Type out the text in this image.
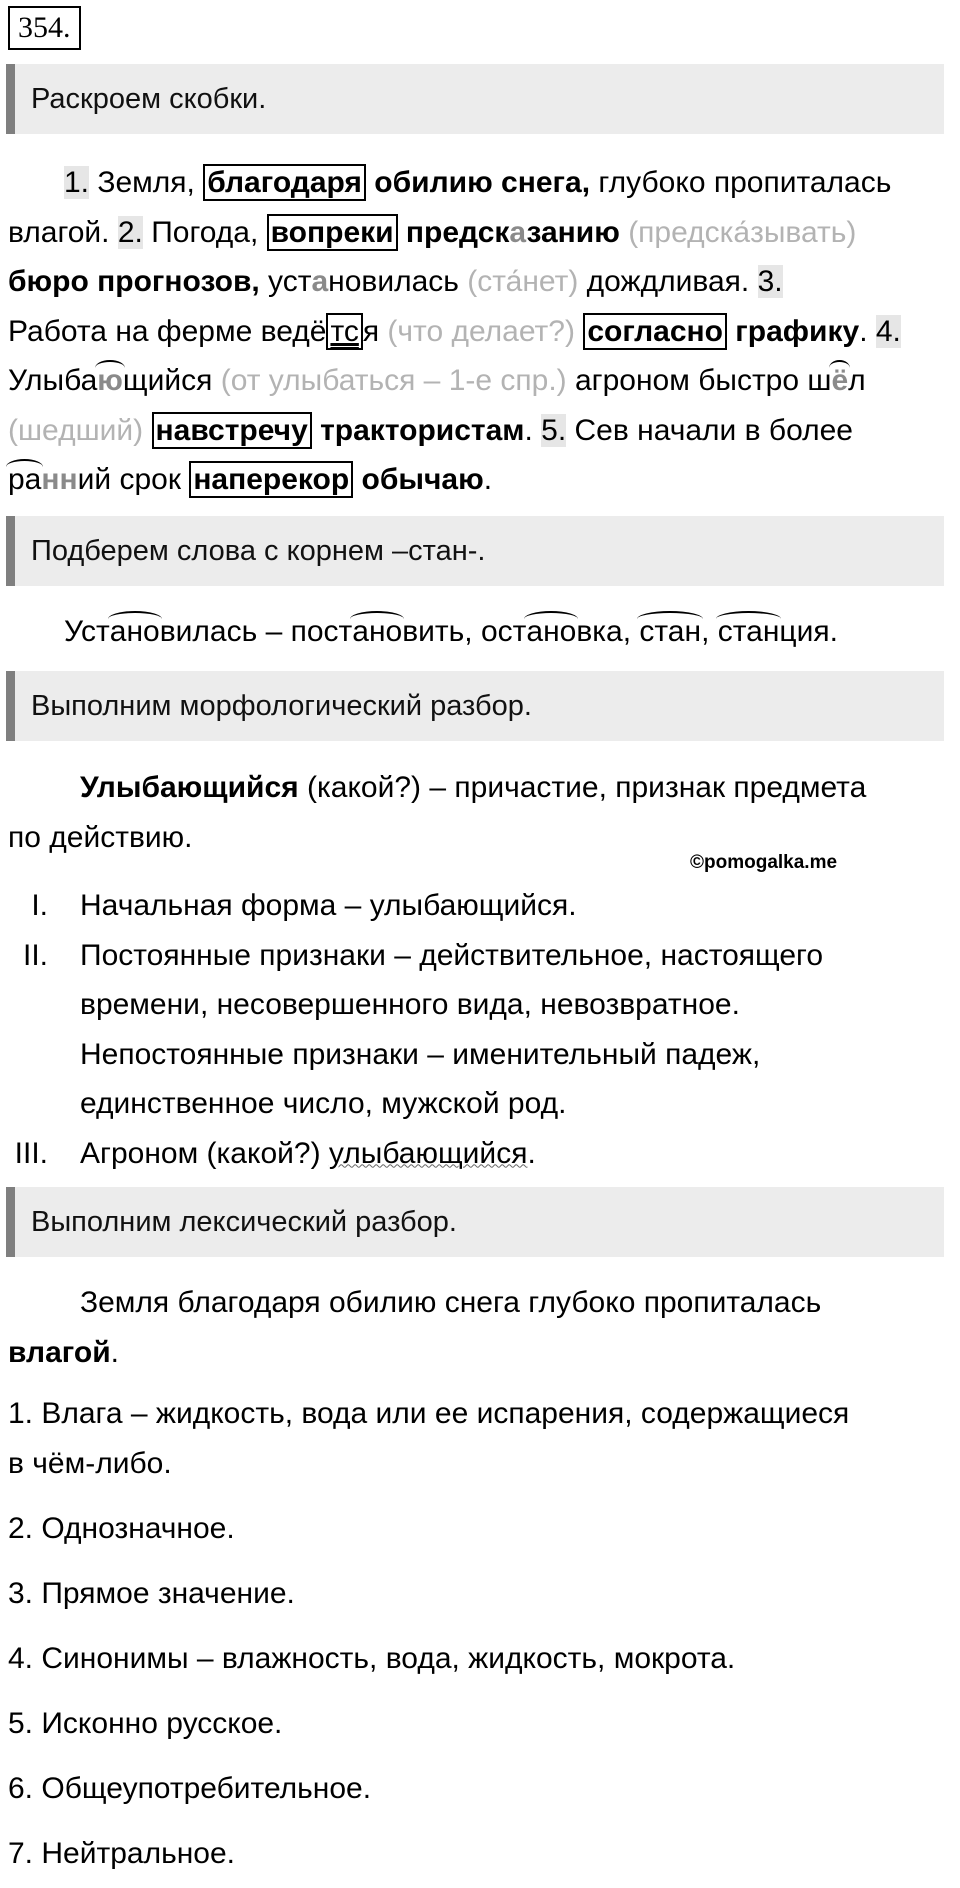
354.
Раскроем скобки.
1. Земля, благодаря обилию снега, глубоко пропиталась
влагой. 2. Погода, вопреки предсказанию (предска́зывать)
бюро прогнозов, установилась (ста́нет) дождливая. 3.
Работа на ферме ведё тс я (что делает?) согласно графику. 4.
Улыбающийся (от улыбаться – 1-е спр.) агроном быстро шёл
(шедший) навстречу трактористам. 5. Сев начали в более
ранний срок наперекор обычаю.
Подберем слова с корнем –стан-.
Установилась – постановить, остановка, стан, станция.
Выполним морфологический разбор.
Улыбающийся (какой?) – причастие, признак предмета
по действию.
©pomogalka.me
I. Начальная форма – улыбающийся.
II. Постоянные признаки – действительное, настоящего
времени, несовершенного вида, невозвратное.
Непостоянные признаки – именительный падеж,
единственное число, мужской род.
III. Агроном (какой?) улыбающийся.
Выполним лексический разбор.
Земля благодаря обилию снега глубоко пропиталась
влагой.
1. Влага – жидкость, вода или ее испарения, содержащиеся
в чём-либо.
2. Однозначное.
3. Прямое значение.
4. Синонимы – влажность, вода, жидкость, мокрота.
5. Исконно русское.
6. Общеупотребительное.
7. Нейтральное.
